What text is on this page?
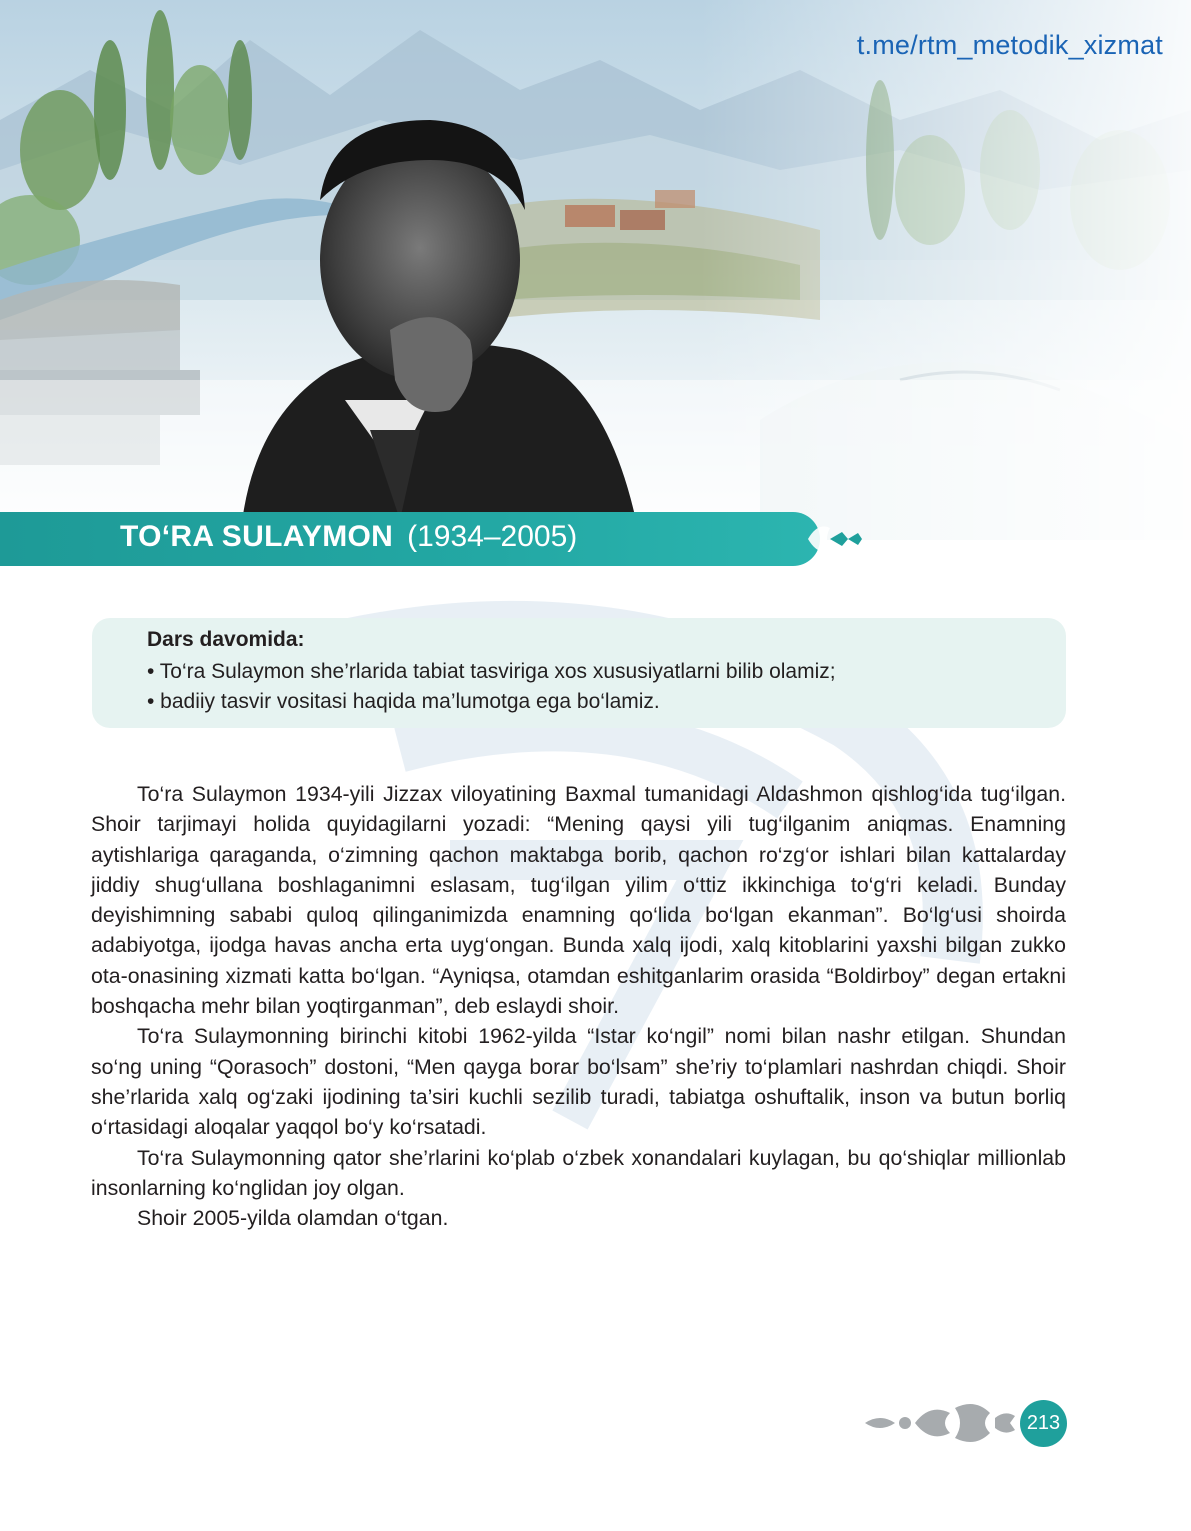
t.me/rtm_metodik_xizmat
TO‘RA SULAYMON (1934–2005)
Dars davomida:
• To‘ra Sulaymon she’rlarida tabiat tasviriga xos xususiyatlarni bilib olamiz;
• badiiy tasvir vositasi haqida ma’lumotga ega bo‘lamiz.

To‘ra Sulaymon 1934-yili Jizzax viloyatining Baxmal tumanidagi Aldashmon qishlog‘ida tug‘ilgan. Shoir tarjimayi holida quyidagilarni yozadi: “Mening qaysi yili tug‘ilganim aniqmas. Enamning aytishlariga qaraganda, o‘zimning qachon maktabga borib, qachon ro‘zg‘or ishlari bilan kattalarday jiddiy shug‘ullana boshlaganimni eslasam, tug‘ilgan yilim o‘ttiz ikkinchiga to‘g‘ri keladi. Bunday deyishimning sababi quloq qilinganimizda enamning qo‘lida bo‘lgan ekanman”. Bo‘lg‘usi shoirda adabiyotga, ijodga havas ancha erta uyg‘ongan. Bunda xalq ijodi, xalq kitoblarini yaxshi bilgan zukko ota-onasining xizmati katta bo‘lgan. “Ayniqsa, otamdan eshitganlarim orasida “Boldirboy” degan ertakni boshqacha mehr bilan yoqtirganman”, deb eslaydi shoir.

To‘ra Sulaymonning birinchi kitobi 1962-yilda “Istar ko‘ngil” nomi bilan nashr etilgan. Shundan so‘ng uning “Qorasoch” dostoni, “Men qayga borar bo‘lsam” she’riy to‘plamlari nashrdan chiqdi. Shoir she’rlarida xalq og‘zaki ijodining ta’siri kuchli sezilib turadi, tabiatga oshuftalik, inson va butun borliq o‘rtasidagi aloqalar yaqqol bo‘y ko‘rsatadi.

To‘ra Sulaymonning qator she’rlarini ko‘plab o‘zbek xonandalari kuylagan, bu qo‘shiqlar millionlab insonlarning ko‘nglidan joy olgan.

Shoir 2005-yilda olamdan o‘tgan.

213
